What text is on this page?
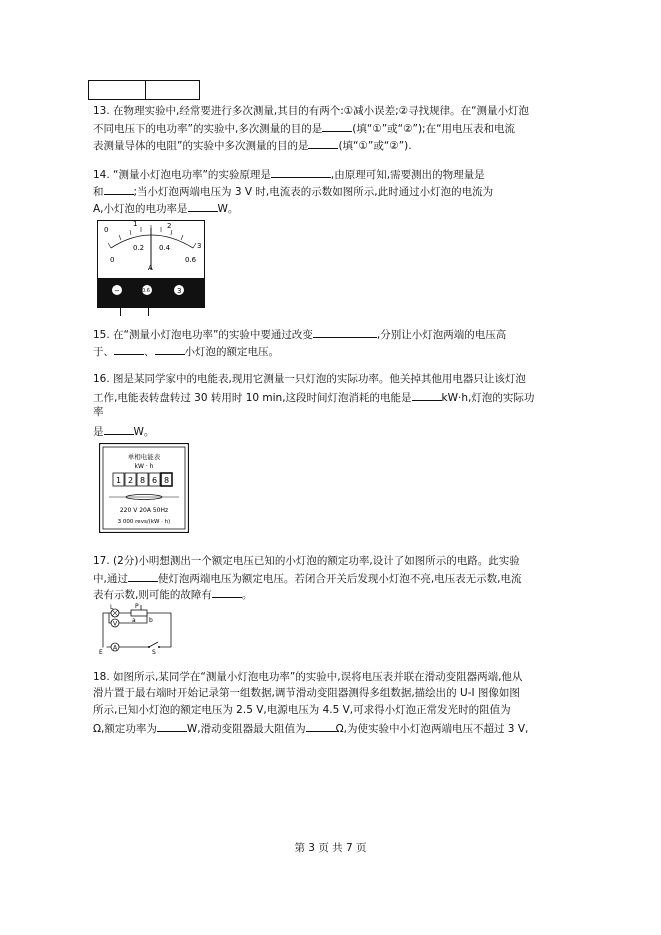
13. 在物理实验中,经常要进行多次测量,其目的有两个:①减小误差;②寻找规律。在“测量小灯泡
不同电压下的电功率”的实验中,多次测量的目的是	(填“①”或“②”);在“用电压表和电流
表测量导体的电阻”的实验中多次测量的目的是	(填“①”或“②”).
14. “测量小灯泡电功率”的实验原理是	,由原理可知,需要测出的物理量是
和	;当小灯泡两端电压为 3 V 时,电流表的示数如图所示,此时通过小灯泡的电流为
A,小灯泡的电功率是	W。
0
1	2
3
0
0.2 0.4
0.6
A
−	0.6	3
15. 在“测量小灯泡电功率”的实验中要通过改变	,分别让小灯泡两端的电压高
于、	、	小灯泡的额定电压。
16. 图是某同学家中的电能表,现用它测量一只灯泡的实际功率。他关掉其他用电器只让该灯泡
工作,电能表转盘转过 30 转用时 10 min,这段时间灯泡消耗的电能是	kW·h,灯泡的实际功
率
是	W。
单相电能表
kW · h
1 2 8 6 8
220 V 20A 50Hz
3 000 revs/(kW · h)
17. (2分)小明想测出一个额定电压已知的小灯泡的额定功率,设计了如图所示的电路。此实验
中,通过	使灯泡两端电压为额定电压。若闭合开关后发现小灯泡不亮,电压表无示数,电流
表有示数,则可能的故障有	。
V
A
L	P
a b
E	S
18. 如图所示,某同学在“测量小灯泡电功率”的实验中,误将电压表并联在滑动变阻器两端,他从
滑片置于最右端时开始记录第一组数据,调节滑动变阻器测得多组数据,描绘出的 U-I 图像如图
所示,已知小灯泡的额定电压为 2.5 V,电源电压为 4.5 V,可求得小灯泡正常发光时的阻值为
Ω,额定功率为	W,滑动变阻器最大阻值为	Ω,为使实验中小灯泡两端电压不超过 3 V,
第 3 页 共 7 页
